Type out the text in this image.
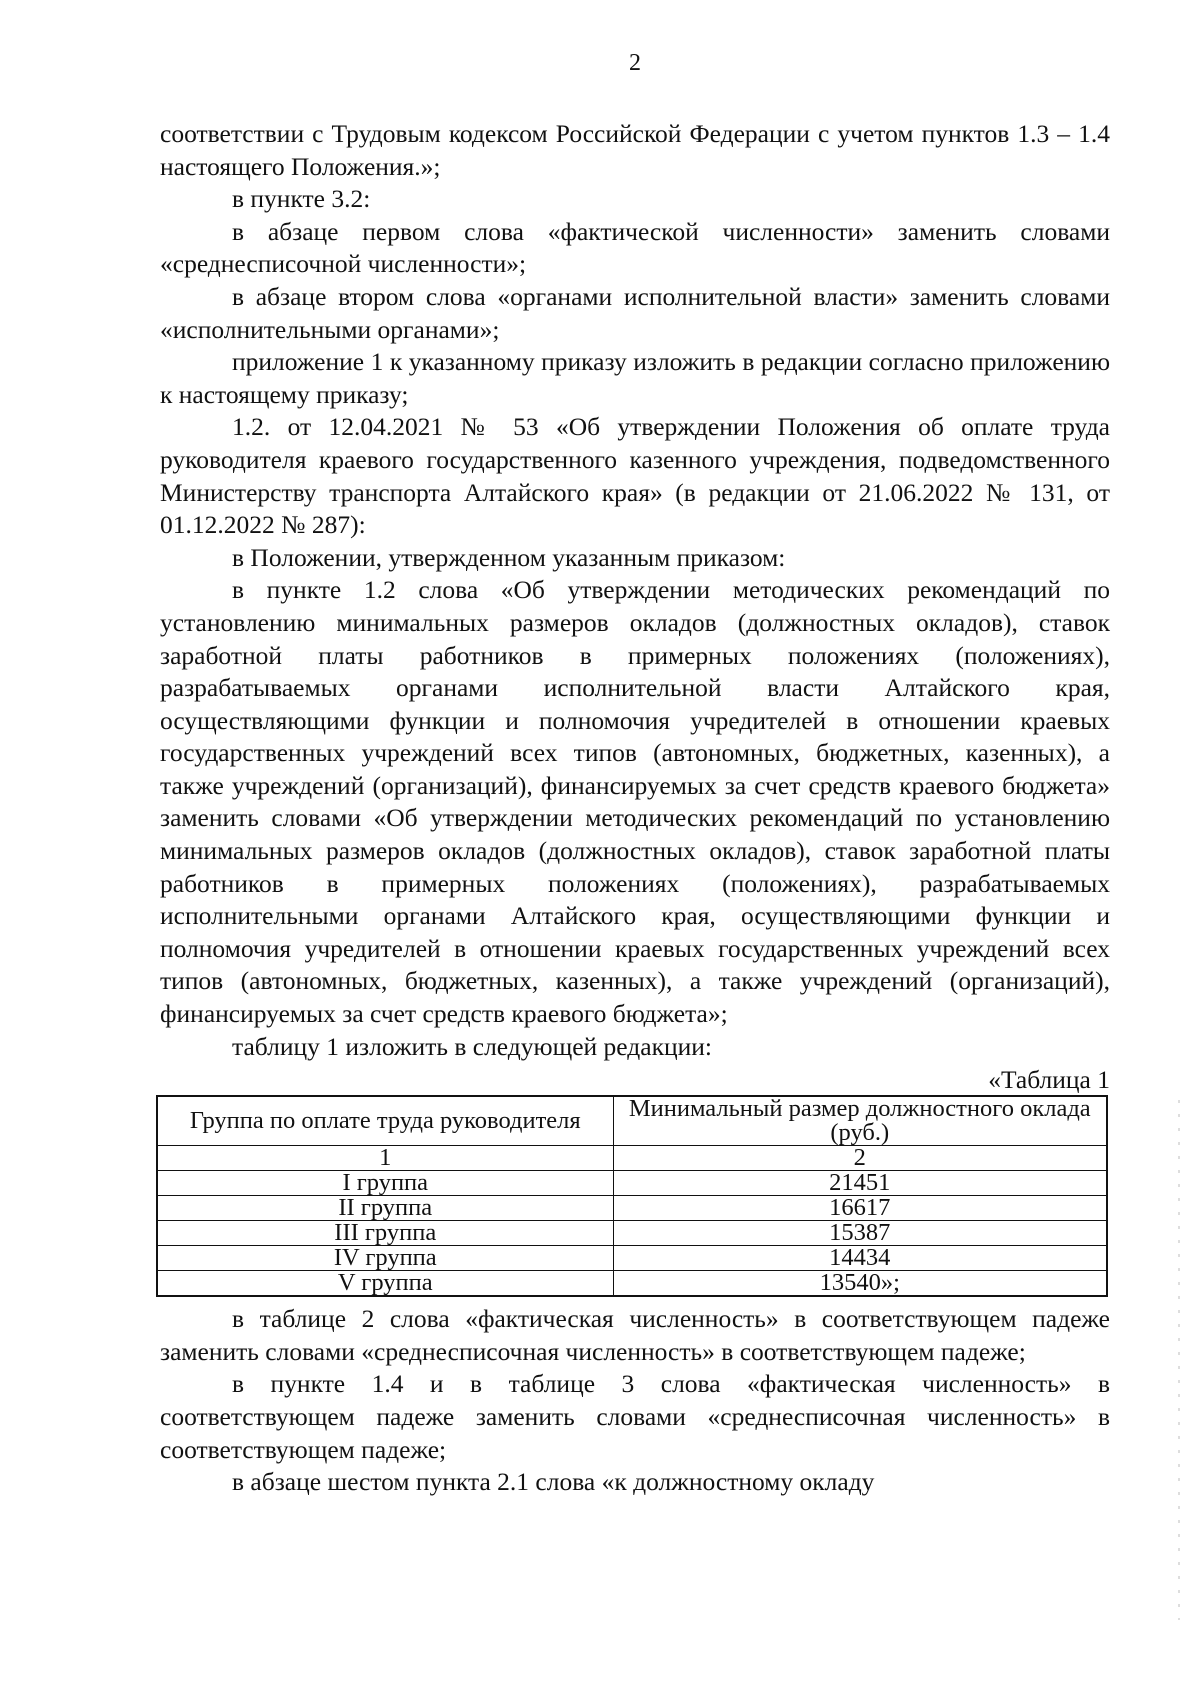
2

соответствии с Трудовым кодексом Российской Федерации с учетом пунктов 1.3 – 1.4 настоящего Положения.»;

в пункте 3.2:

в абзаце первом слова «фактической численности» заменить словами «среднесписочной численности»;

в абзаце втором слова «органами исполнительной власти» заменить словами «исполнительными органами»;

приложение 1 к указанному приказу изложить в редакции согласно приложению к настоящему приказу;

1.2. от 12.04.2021 № 53 «Об утверждении Положения об оплате труда руководителя краевого государственного казенного учреждения, подведомственного Министерству транспорта Алтайского края» (в редакции от 21.06.2022 № 131, от 01.12.2022 № 287):

в Положении, утвержденном указанным приказом:

в пункте 1.2 слова «Об утверждении методических рекомендаций по установлению минимальных размеров окладов (должностных окладов), ставок заработной платы работников в примерных положениях (положениях), разрабатываемых органами исполнительной власти Алтайского края, осуществляющими функции и полномочия учредителей в отношении краевых государственных учреждений всех типов (автономных, бюджетных, казенных), а также учреждений (организаций), финансируемых за счет средств краевого бюджета» заменить словами «Об утверждении методических рекомендаций по установлению минимальных размеров окладов (должностных окладов), ставок заработной платы работников в примерных положениях (положениях), разрабатываемых исполнительными органами Алтайского края, осуществляющими функции и полномочия учредителей в отношении краевых государственных учреждений всех типов (автономных, бюджетных, казенных), а также учреждений (организаций), финансируемых за счет средств краевого бюджета»;

таблицу 1 изложить в следующей редакции:

«Таблица 1

Группа по оплате труда руководителя	Минимальный размер должностного оклада (руб.)
1	2
I группа	21451
II группа	16617
III группа	15387
IV группа	14434
V группа	13540»;

в таблице 2 слова «фактическая численность» в соответствующем падеже заменить словами «среднесписочная численность» в соответствующем падеже;

в пункте 1.4 и в таблице 3 слова «фактическая численность» в соответствующем падеже заменить словами «среднесписочная численность» в соответствующем падеже;

в абзаце шестом пункта 2.1 слова «к должностному окладу
